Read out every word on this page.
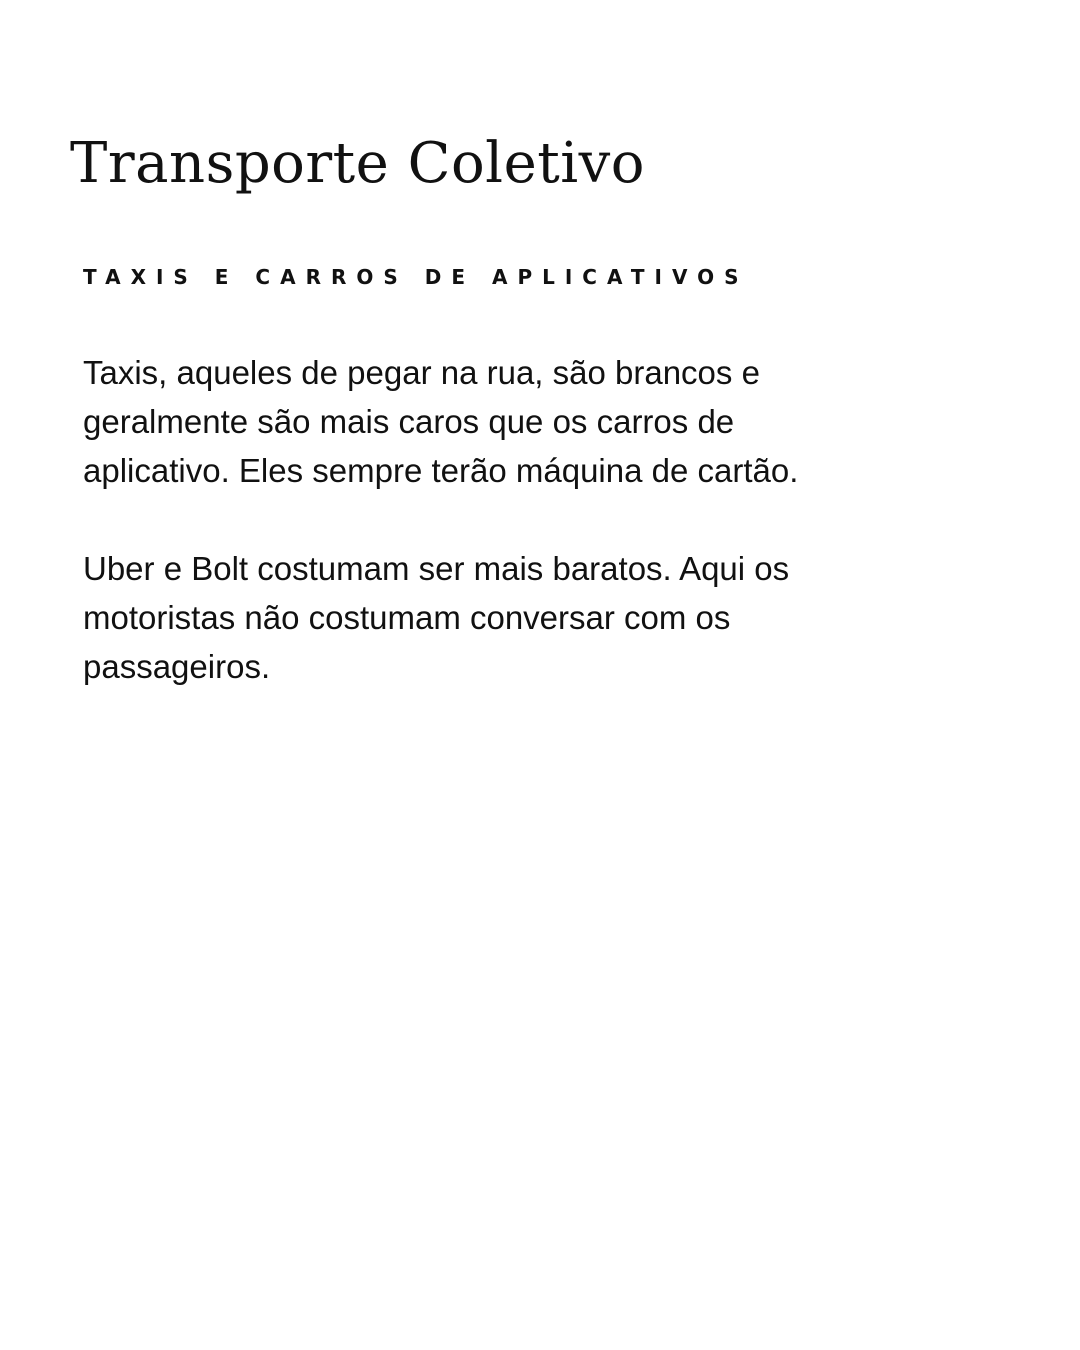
Transporte Coletivo
TAXIS E CARROS DE APLICATIVOS

Taxis, aqueles de pegar na rua, são brancos e
geralmente são mais caros que os carros de
aplicativo. Eles sempre terão máquina de cartão.

Uber e Bolt costumam ser mais baratos. Aqui os
motoristas não costumam conversar com os
passageiros.
